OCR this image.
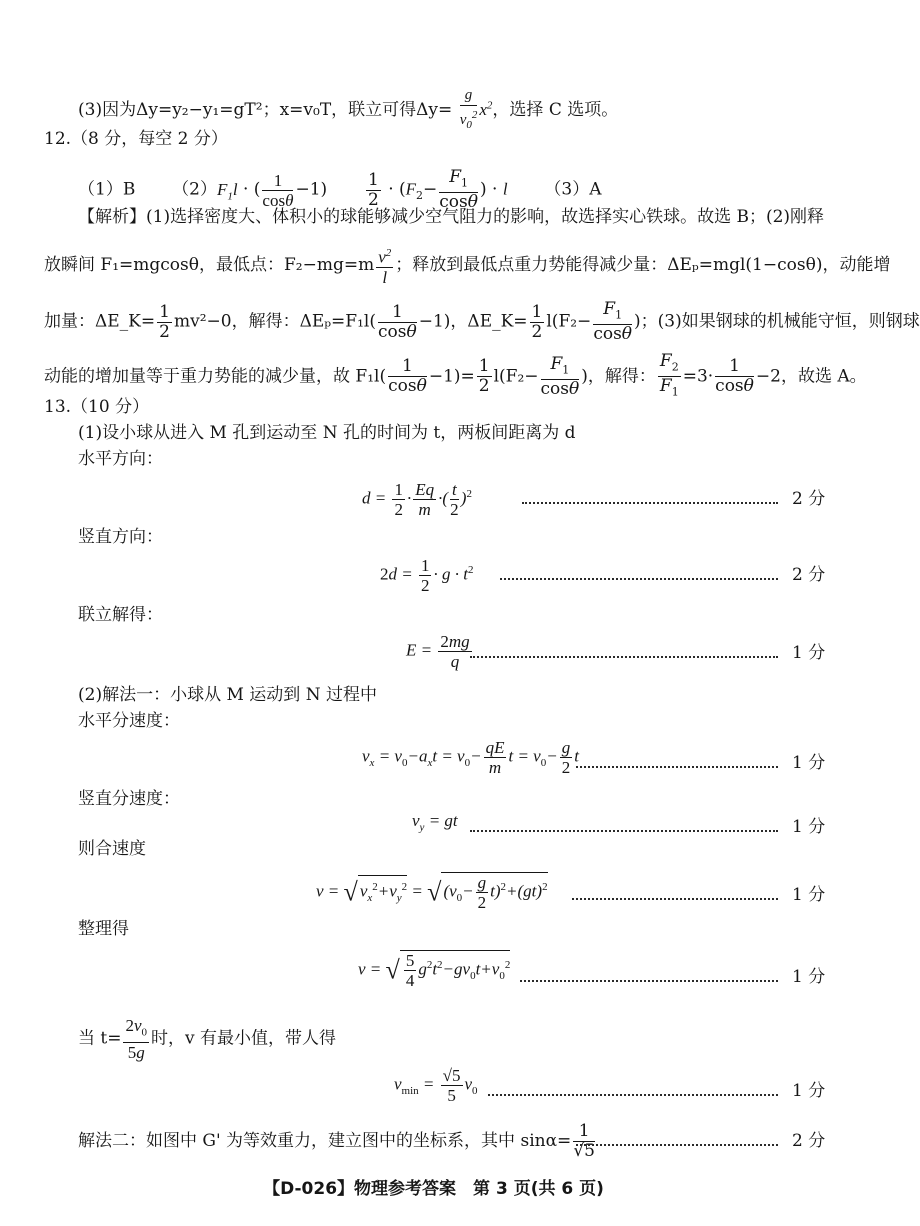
(3)因为Δy=y₂−y₁=gT²；x=v₀T，联立可得$\Delta y= \frac{g}{v_0^2} x^2$，选择 C 选项。
12.（8 分，每空 2 分）
（1）B $(2)F_1l$ · ( $\frac{1}{\cos\theta} -1) \frac{1}{2} \cdot (F_2- \frac{F_1}{\cos\theta}$ ) · l （3）A
【解析】(1)选择密度大、体积小的球能够减少空气阻力的影响，故选择实心铁球。故选 B；(2)刚释
放瞬间 F₁=mgcosθ，最低点：$F_2-mg=m \frac{v^2}{l}$ ；释放到最低点重力势能得减少量：ΔEₚ=mgl(1−cosθ)，动能增
加量：ΔE_K= $\frac{1}{2} mv^2-0$，解得：$\Delta E_p=F_1l( \frac{1}{\cos\theta} -1)$，ΔE_K= $\frac{1}{2} l(F_2- \frac{F_1}{\cos\theta}$ )；(3)如果钢球的机械能守恒，则钢球
动能的增加量等于重力势能的减少量，故 $F_1l( \frac{1}{\cos\theta} -1)= \frac{1}{2} l(F_2- \frac{F_1}{\cos\theta}$ )，解得： $\frac{F_2}{F_1} =3\cdot \frac{1}{\cos\theta} -2$，故选 A。
13.（10 分）
(1)设小球从进入 M 孔到运动至 N 孔的时间为 t，两板间距离为 d
水平方向：
$d = \frac{1}{2} \cdot \frac{Eq}{m}$ ·( $\frac{t}{2} )^2$	2 分
竖直方向：
$2d = \frac{1}{2} \cdot g \cdot t^2$	2 分
联立解得：
$E = \frac{2mg}{q}$	1 分
(2)解法一：小球从 M 运动到 N 过程中
水平分速度：
$v_x = v_0-a_xt = v_0- \frac{qE}{m}$ $t = v_0- \frac{g}{2}$ t	1 分
竖直分速度：
$v_y$ = gt	1 分
则合速度
v = √ $v_x^2+v_y^2$ = √ $(v_0- \frac{g}{2} t)^2+(gt)^2$	1 分
整理得
v = √ $\frac{5}{4} g^2t^2-gv_0t+v_0^2$
1 分
当 $t= \frac{2v_0}{5g}$ 时，v 有最小值，带人得
$v_{min} = \frac{√5}{5} v_0$	1 分
解法二：如图中 G' 为等效重力，建立图中的坐标系，其中 $\sin\alpha= \frac{1}{√5}$	2 分
【D-026】物理参考答案　第 3 页(共 6 页)
